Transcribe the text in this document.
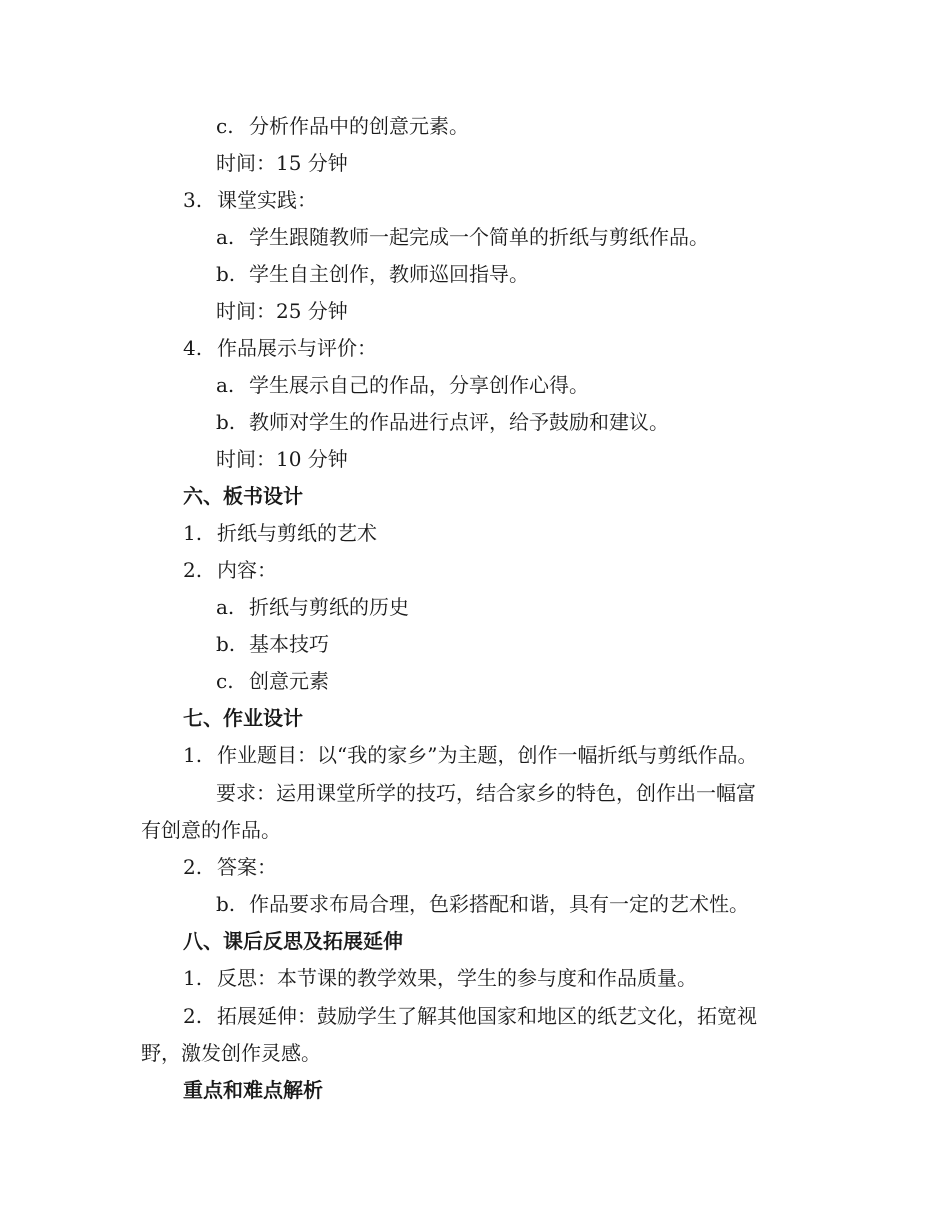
c. 分析作品中的创意元素。
时间：15 分钟
3. 课堂实践：
a. 学生跟随教师一起完成一个简单的折纸与剪纸作品。
b. 学生自主创作，教师巡回指导。
时间：25 分钟
4. 作品展示与评价：
a. 学生展示自己的作品，分享创作心得。
b. 教师对学生的作品进行点评，给予鼓励和建议。
时间：10 分钟
六、板书设计
1. 折纸与剪纸的艺术
2. 内容：
a. 折纸与剪纸的历史
b. 基本技巧
c. 创意元素
七、作业设计
1. 作业题目：以“我的家乡”为主题，创作一幅折纸与剪纸作品。
要求：运用课堂所学的技巧，结合家乡的特色，创作出一幅富
有创意的作品。
2. 答案：
b. 作品要求布局合理，色彩搭配和谐，具有一定的艺术性。
八、课后反思及拓展延伸
1. 反思：本节课的教学效果，学生的参与度和作品质量。
2. 拓展延伸：鼓励学生了解其他国家和地区的纸艺文化，拓宽视
野，激发创作灵感。
重点和难点解析
